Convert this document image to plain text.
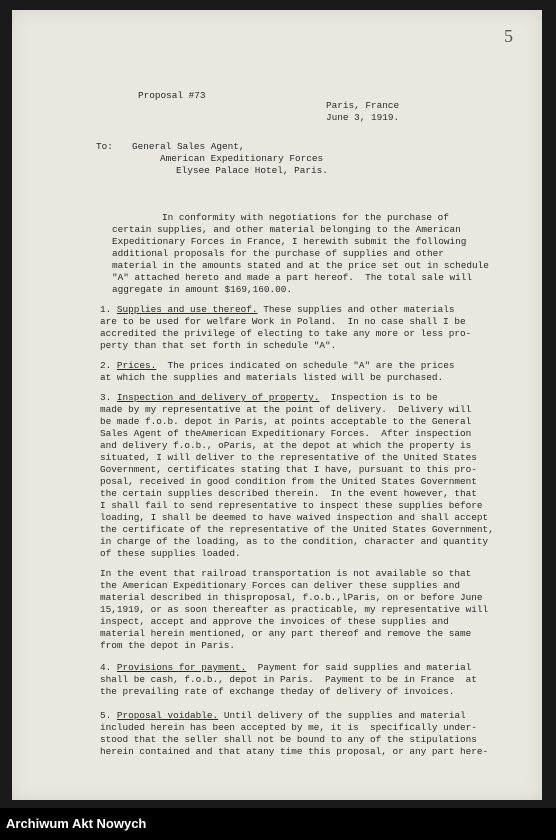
5
Proposal #73
Paris, France
June 3, 1919.
To: General Sales Agent,
American Expeditionary Forces
Elysee Palace Hotel, Paris.
In conformity with negotiations for the purchase of
certain supplies, and other material belonging to the American
Expeditionary Forces in France, I herewith submit the following
additional proposals for the purchase of supplies and other
material in the amounts stated and at the price set out in schedule
"A" attached hereto and made a part hereof.  The total sale will
aggregate in amount $169,160.00.
1. Supplies and use thereof. These supplies and other materials
are to be used for welfare Work in Poland.  In no case shall I be
accredited the privilege of electing to take any more or less pro-
perty than that set forth in schedule "A".
2. Prices.  The prices indicated on schedule "A" are the prices
at which the supplies and materials listed will be purchased.
3. Inspection and delivery of property.  Inspection is to be
made by my representative at the point of delivery.  Delivery will
be made f.o.b. depot in Paris, at points acceptable to the General
Sales Agent of theAmerican Expeditionary Forces.  After inspection
and delivery f.o.b., oParis, at the depot at which the property is
situated, I will deliver to the representative of the United States
Government, certificates stating that I have, pursuant to this pro-
posal, received in good condition from the United States Government
the certain supplies described therein.  In the event however, that
I shall fail to send representative to inspect these supplies before
loading, I shall be deemed to have waived inspection and shall accept
the certificate of the representative of the United States Government,
in charge of the loading, as to the condition, character and quantity
of these supplies loaded.
In the event that railroad transportation is not available so that
the American Expeditionary Forces can deliver these supplies and
material described in thisproposal, f.o.b.,lParis, on or before June
15,1919, or as soon thereafter as practicable, my representative will
inspect, accept and approve the invoices of these supplies and
material herein mentioned, or any part thereof and remove the same
from the depot in Paris.
4. Provisions for payment.  Payment for said supplies and material
shall be cash, f.o.b., depot in Paris.  Payment to be in France  at
the prevailing rate of exchange theday of delivery of invoices.
5. Proposal voidable. Until delivery of the supplies and material
included herein has been accepted by me, it is  specifically under-
stood that the seller shall not be bound to any of the stipulations
herein contained and that atany time this proposal, or any part here-
Archiwum Akt Nowych
